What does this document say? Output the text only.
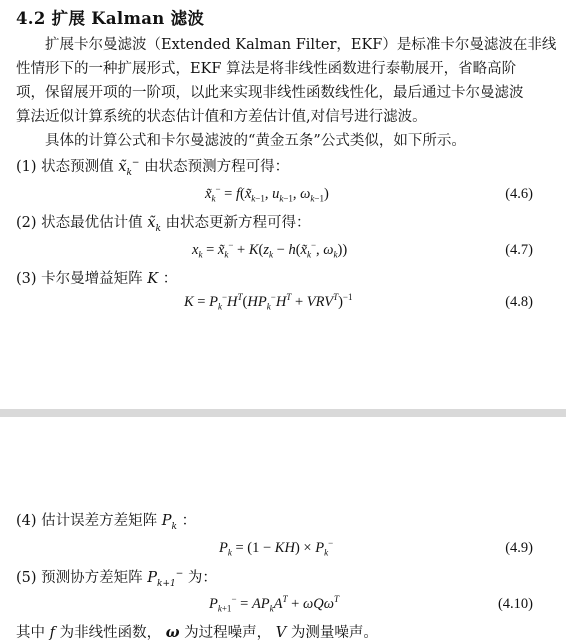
4.2 扩展 Kalman 滤波
扩展卡尔曼滤波（Extended Kalman Filter，EKF）是标准卡尔曼滤波在非线
性情形下的一种扩展形式，EKF 算法是将非线性函数进行泰勒展开，省略高阶
项，保留展开项的一阶项，以此来实现非线性函数线性化，最后通过卡尔曼滤波
算法近似计算系统的状态估计值和方差估计值,对信号进行滤波。
具体的计算公式和卡尔曼滤波的“黄金五条”公式类似，如下所示。
(1) 状态预测值 $x̃_k^-$ 由状态预测方程可得：
$x̃_k^-$ = $f(x̃_{k-1}$, $u_{k-1}$, $\omega_{k-1}$)	(4.6)
(2) 状态最优估计值 $x̃_k$ 由状态更新方程可得：
$x_k$ = $x̃_k^- + K(z_k$ − $h(x̃_k^-$, $\omega_k$))	(4.7)
(3) 卡尔曼增益矩阵 K ：
$K = P_k^-H^T(HP_k^-H^T + VRV^T)^{-1}$	(4.8)
(4) 估计误差方差矩阵 $P_k$ ：
$P_k = (1 - KH) \times P_k^-$	(4.9)
(5) 预测协方差矩阵 $P_{k+1}^-$ 为：
$P_{k+1}^- = AP_kA^T + \omega Q\omega^T$	(4.10)
其中 f 为非线性函数， ω 为过程噪声， V 为测量噪声。
